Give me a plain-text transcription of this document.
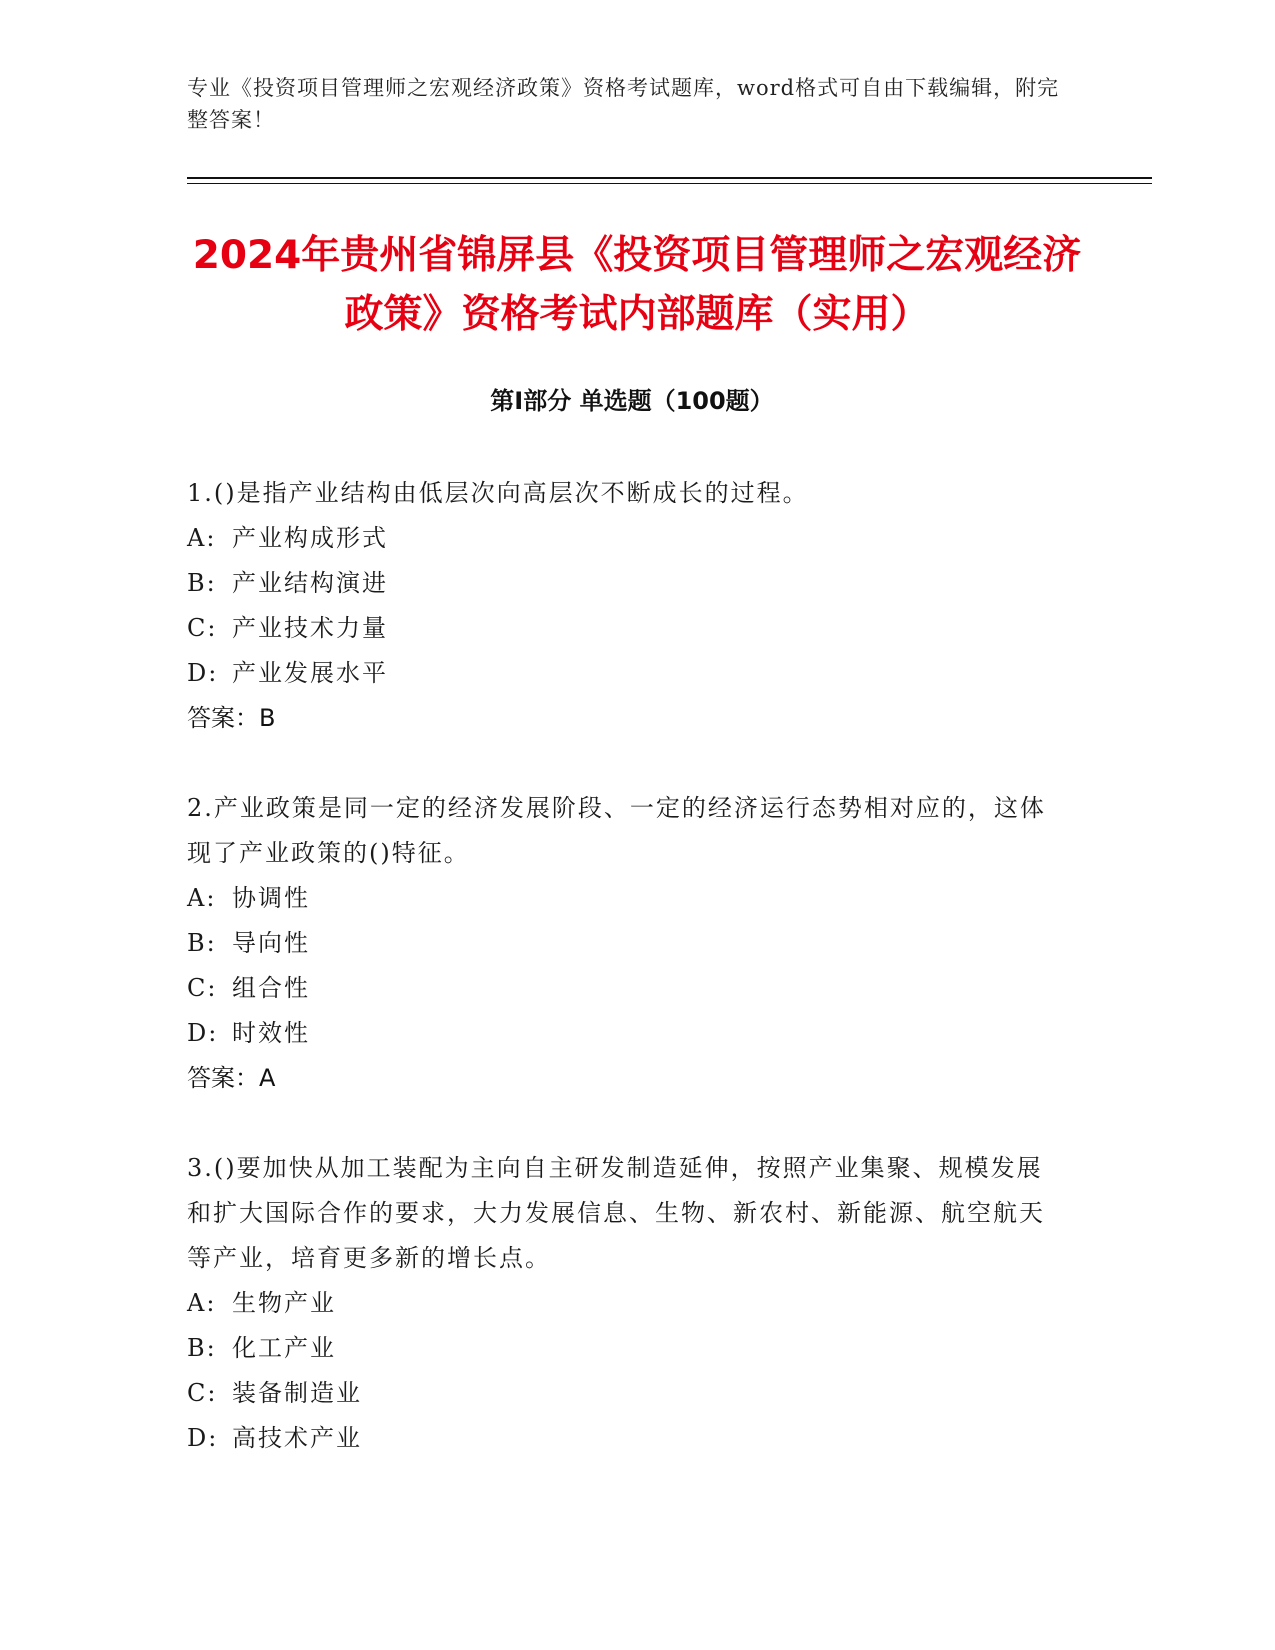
专业《投资项目管理师之宏观经济政策》资格考试题库，word格式可自由下载编辑，附完整答案！
2024年贵州省锦屏县《投资项目管理师之宏观经济政策》资格考试内部题库（实用）
第Ⅰ部分 单选题（100题）

1.()是指产业结构由低层次向高层次不断成长的过程。

A: 产业构成形式
B: 产业结构演进
C: 产业技术力量
D: 产业发展水平
答案：B

2.产业政策是同一定的经济发展阶段、一定的经济运行态势相对应的，这体现了产业政策的()特征。

A: 协调性
B: 导向性
C: 组合性
D: 时效性
答案：A

3.()要加快从加工装配为主向自主研发制造延伸，按照产业集聚、规模发展和扩大国际合作的要求，大力发展信息、生物、新农村、新能源、航空航天等产业，培育更多新的增长点。

A: 生物产业
B: 化工产业
C: 装备制造业
D: 高技术产业
